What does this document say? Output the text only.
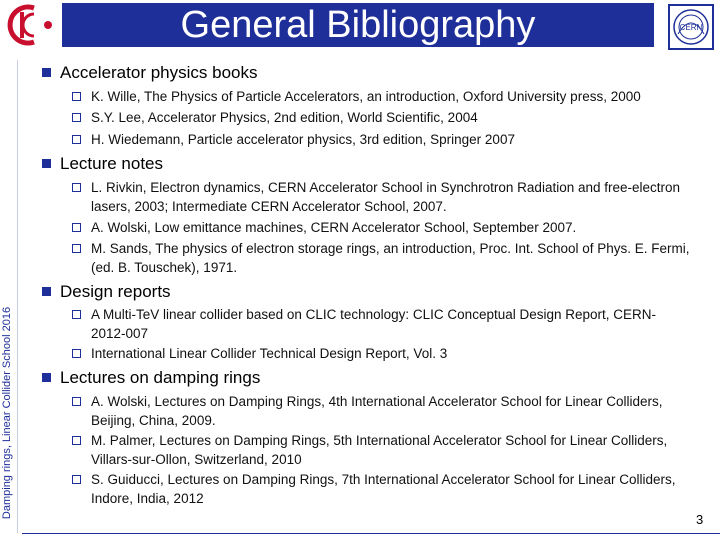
General Bibliography	CERN
Damping rings, Linear Collider School 2016
Accelerator physics books
K. Wille, The Physics of Particle Accelerators, an introduction, Oxford University press, 2000
S.Y. Lee, Accelerator Physics, 2nd edition, World Scientific, 2004
H. Wiedemann, Particle accelerator physics, 3rd edition, Springer 2007
Lecture notes
L. Rivkin, Electron dynamics, CERN Accelerator School in Synchrotron Radiation and free-electron lasers, 2003; Intermediate CERN Accelerator School, 2007.
A. Wolski, Low emittance machines, CERN Accelerator School, September 2007.
M. Sands, The physics of electron storage rings, an introduction, Proc. Int. School of Phys. E. Fermi, (ed. B. Touschek), 1971.
Design reports
A Multi-TeV linear collider based on CLIC technology: CLIC Conceptual Design Report, CERN-2012-007
International Linear Collider Technical Design Report, Vol. 3
Lectures on damping rings
A. Wolski, Lectures on Damping Rings, 4th International Accelerator School for Linear Colliders, Beijing, China, 2009.
M. Palmer, Lectures on Damping Rings, 5th International Accelerator School for Linear Colliders, Villars-sur-Ollon, Switzerland, 2010
S. Guiducci, Lectures on Damping Rings, 7th International Accelerator School for Linear Colliders, Indore, India, 2012
3
